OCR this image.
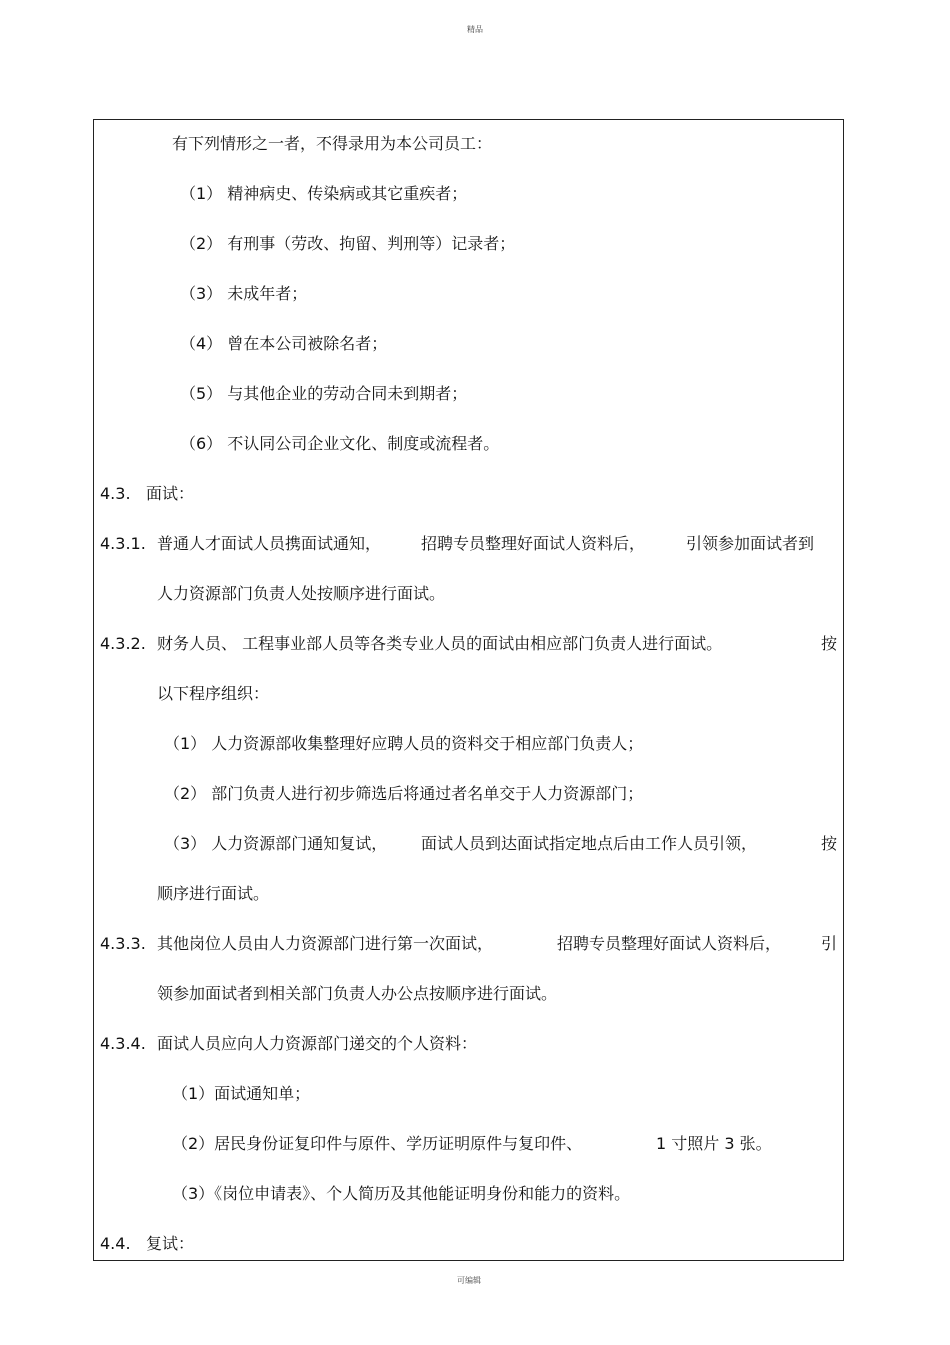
精品
有下列情形之一者，不得录用为本公司员工：
（1） 精神病史、传染病或其它重疾者；
（2） 有刑事（劳改、拘留、判刑等）记录者；
（3） 未成年者；
（4） 曾在本公司被除名者；
（5） 与其他企业的劳动合同未到期者；
（6） 不认同公司企业文化、制度或流程者。
4.3. 面试：
4.3.1. 普通人才面试人员携面试通知， 招聘专员整理好面试人资料后，	引领参加面试者到
人力资源部门负责人处按顺序进行面试。
4.3.2. 财务人员、 工程事业部人员等各类专业人员的面试由相应部门负责人进行面试。	按
以下程序组织：
（1） 人力资源部收集整理好应聘人员的资料交于相应部门负责人；
（2） 部门负责人进行初步筛选后将通过者名单交于人力资源部门；
（3） 人力资源部门通知复试， 面试人员到达面试指定地点后由工作人员引领，	按
顺序进行面试。
4.3.3. 其他岗位人员由人力资源部门进行第一次面试，	招聘专员整理好面试人资料后， 引
领参加面试者到相关部门负责人办公点按顺序进行面试。
4.3.4. 面试人员应向人力资源部门递交的个人资料：
（1）面试通知单；
（2）居民身份证复印件与原件、学历证明原件与复印件、	1 寸照片 3 张。
（3）《岗位申请表》、个人简历及其他能证明身份和能力的资料。
4.4. 复试：
可编辑
